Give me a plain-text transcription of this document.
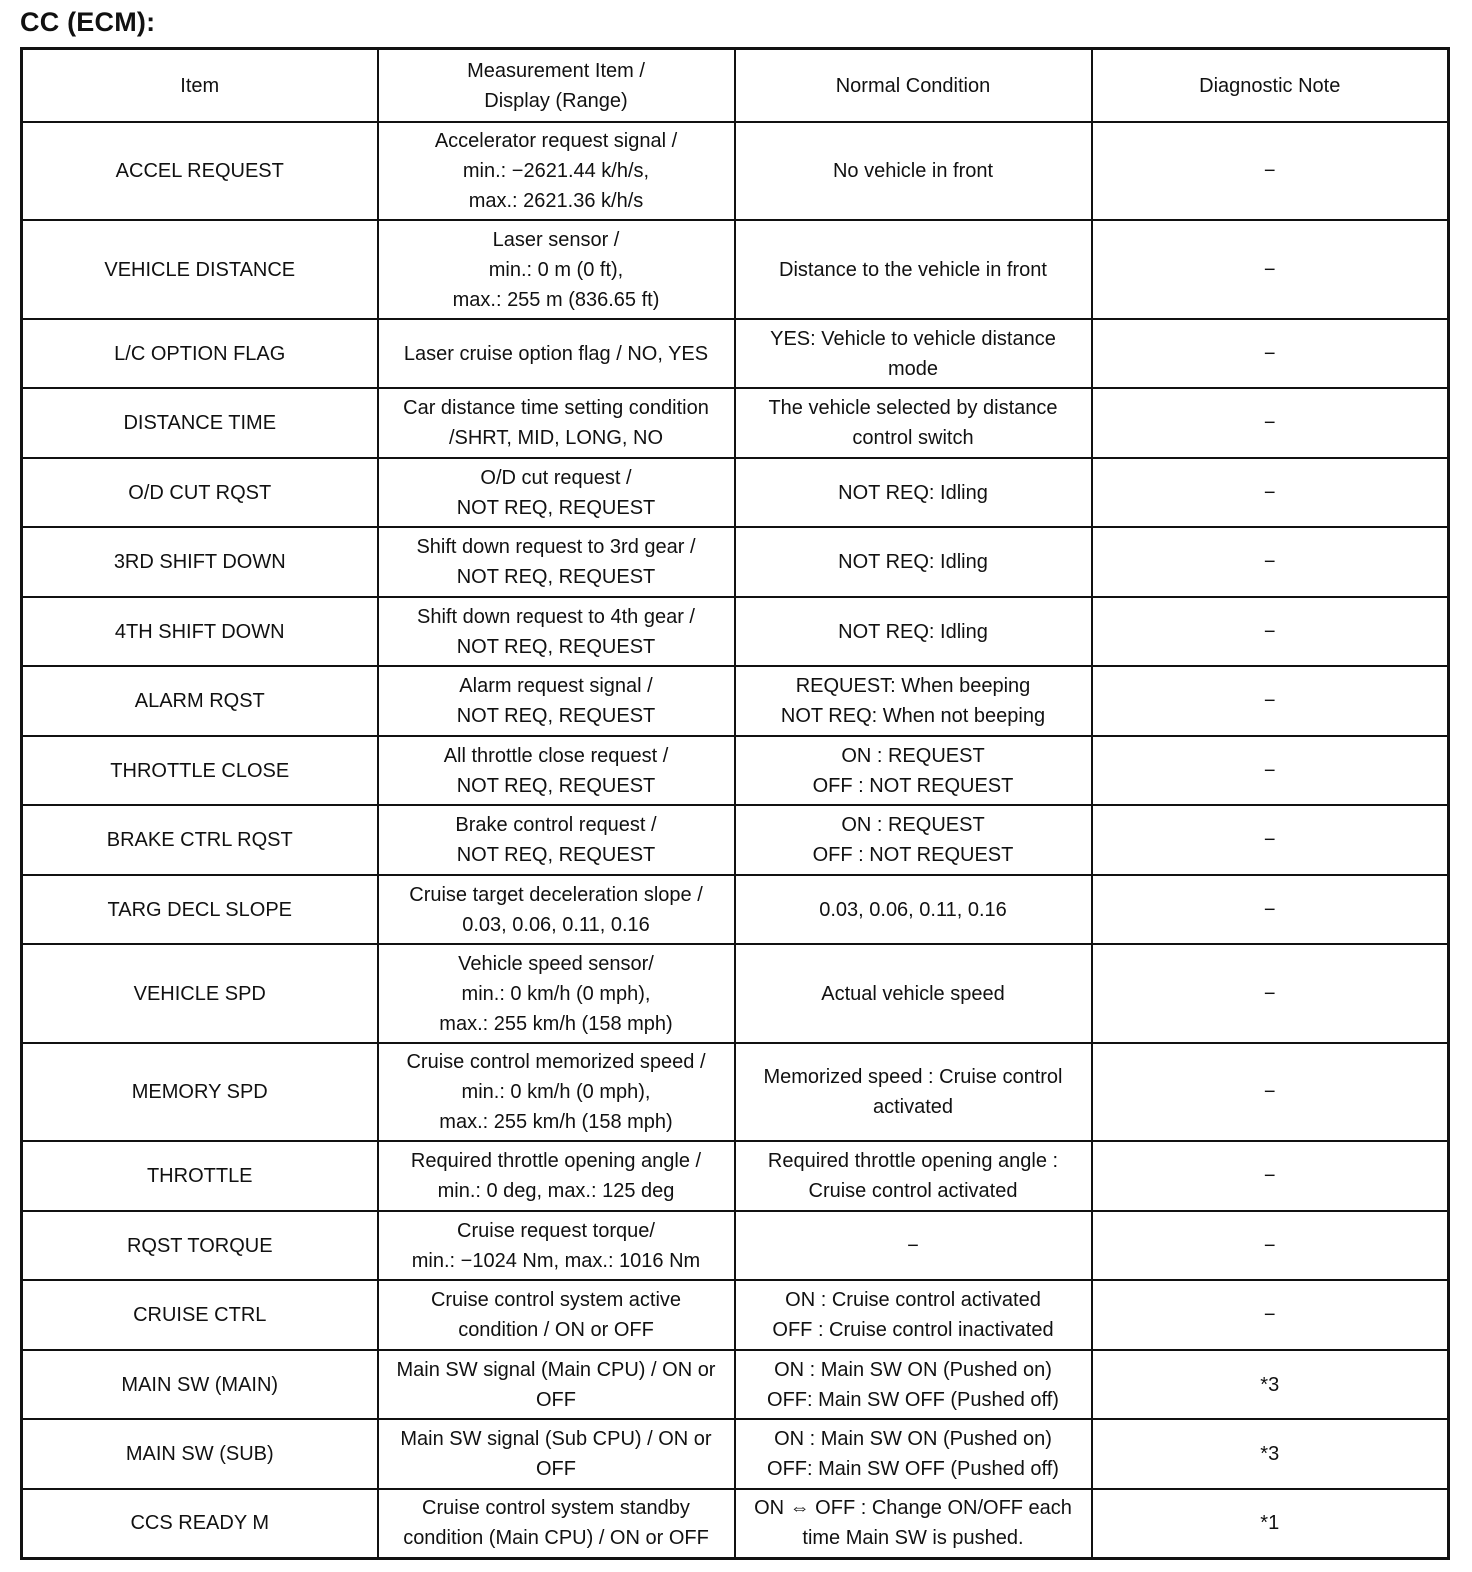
CC (ECM):
Item	Measurement Item /
Display (Range)	Normal Condition	Diagnostic Note
ACCEL REQUEST	Accelerator request signal /
min.: −2621.44 k/h/s,
max.: 2621.36 k/h/s	No vehicle in front	−
VEHICLE DISTANCE	Laser sensor /
min.: 0 m (0 ft),
max.: 255 m (836.65 ft)	Distance to the vehicle in front	−
L/C OPTION FLAG	Laser cruise option flag / NO, YES	YES: Vehicle to vehicle distance mode	−
DISTANCE TIME	Car distance time setting condition /SHRT, MID, LONG, NO	The vehicle selected by distance control switch	−
O/D CUT RQST	O/D cut request /
NOT REQ, REQUEST	NOT REQ: Idling	−
3RD SHIFT DOWN	Shift down request to 3rd gear /
NOT REQ, REQUEST	NOT REQ: Idling	−
4TH SHIFT DOWN	Shift down request to 4th gear /
NOT REQ, REQUEST	NOT REQ: Idling	−
ALARM RQST	Alarm request signal /
NOT REQ, REQUEST	REQUEST: When beeping
NOT REQ: When not beeping	−
THROTTLE CLOSE	All throttle close request /
NOT REQ, REQUEST	ON : REQUEST
OFF : NOT REQUEST	−
BRAKE CTRL RQST	Brake control request /
NOT REQ, REQUEST	ON : REQUEST
OFF : NOT REQUEST	−
TARG DECL SLOPE	Cruise target deceleration slope /
0.03, 0.06, 0.11, 0.16	0.03, 0.06, 0.11, 0.16	−
VEHICLE SPD	Vehicle speed sensor/
min.: 0 km/h (0 mph),
max.: 255 km/h (158 mph)	Actual vehicle speed	−
MEMORY SPD	Cruise control memorized speed /
min.: 0 km/h (0 mph),
max.: 255 km/h (158 mph)	Memorized speed : Cruise control activated	−
THROTTLE	Required throttle opening angle /
min.: 0 deg, max.: 125 deg	Required throttle opening angle :
Cruise control activated	−
RQST TORQUE	Cruise request torque/
min.: −1024 Nm, max.: 1016 Nm	−	−
CRUISE CTRL	Cruise control system active condition / ON or OFF	ON : Cruise control activated
OFF : Cruise control inactivated	−
MAIN SW (MAIN)	Main SW signal (Main CPU) / ON or OFF	ON : Main SW ON (Pushed on)
OFF: Main SW OFF (Pushed off)	*3
MAIN SW (SUB)	Main SW signal (Sub CPU) / ON or OFF	ON : Main SW ON (Pushed on)
OFF: Main SW OFF (Pushed off)	*3
CCS READY M	Cruise control system standby condition (Main CPU) / ON or OFF	ON ⇔ OFF : Change ON/OFF each time Main SW is pushed.	*1
